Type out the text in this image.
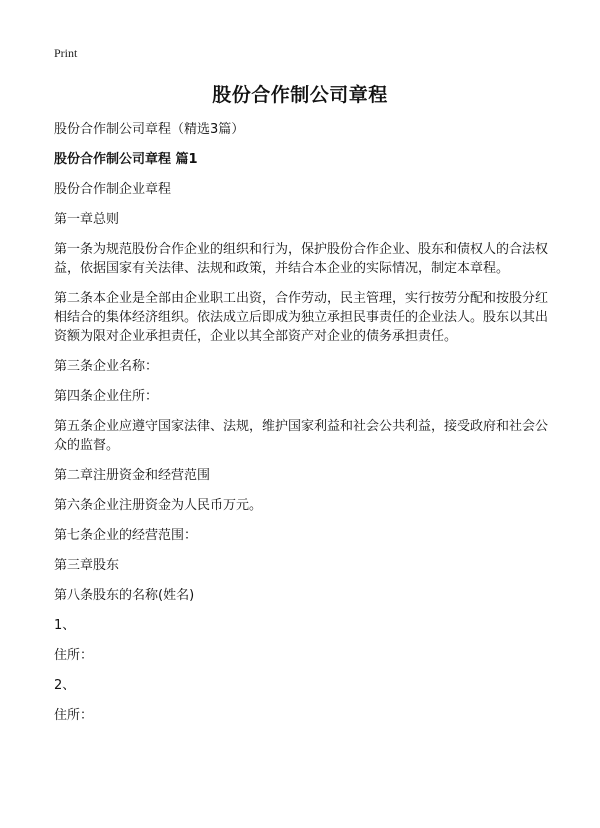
Print
股份合作制公司章程

股份合作制公司章程（精选3篇）

股份合作制公司章程 篇1

股份合作制企业章程

第一章总则

第一条为规范股份合作企业的组织和行为，保护股份合作企业、股东和债权人的合法权益，依据国家有关法律、法规和政策，并结合本企业的实际情况，制定本章程。

第二条本企业是全部由企业职工出资，合作劳动，民主管理，实行按劳分配和按股分红相结合的集体经济组织。依法成立后即成为独立承担民事责任的企业法人。股东以其出资额为限对企业承担责任，企业以其全部资产对企业的债务承担责任。

第三条企业名称：

第四条企业住所：

第五条企业应遵守国家法律、法规，维护国家利益和社会公共利益，接受政府和社会公众的监督。

第二章注册资金和经营范围

第六条企业注册资金为人民币万元。

第七条企业的经营范围：

第三章股东

第八条股东的名称(姓名)

1、

住所：

2、

住所：
